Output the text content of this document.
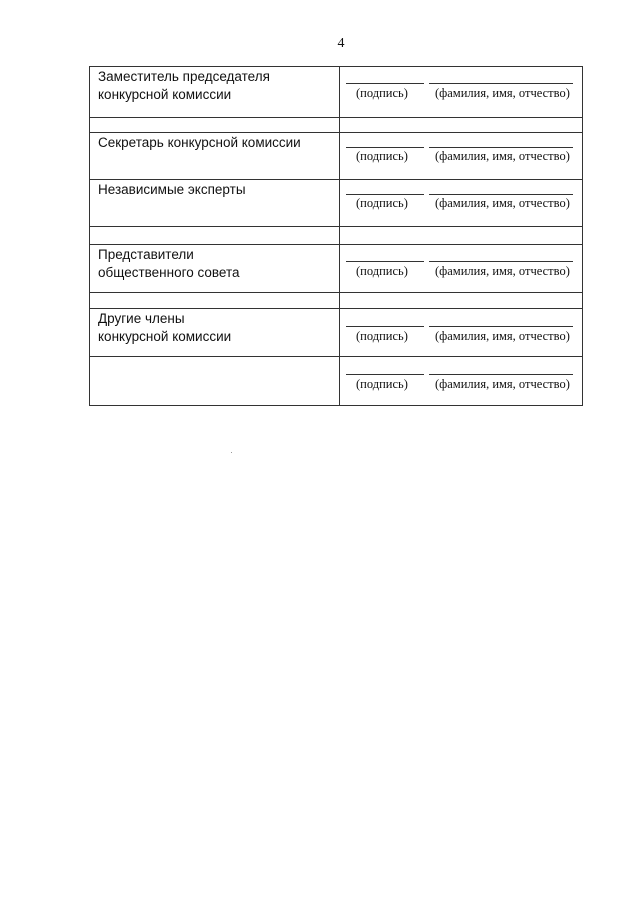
4
Заместитель председателя
конкурсной комиссии	(подпись) (фамилия, имя, отчество)

Секретарь конкурсной комиссии	(подпись) (фамилия, имя, отчество)

Независимые эксперты	(подпись) (фамилия, имя, отчество)

Представители
общественного совета	(подпись) (фамилия, имя, отчество)

Другие члены
конкурсной комиссии	(подпись) (фамилия, имя, отчество)

	(подпись) (фамилия, имя, отчество)
